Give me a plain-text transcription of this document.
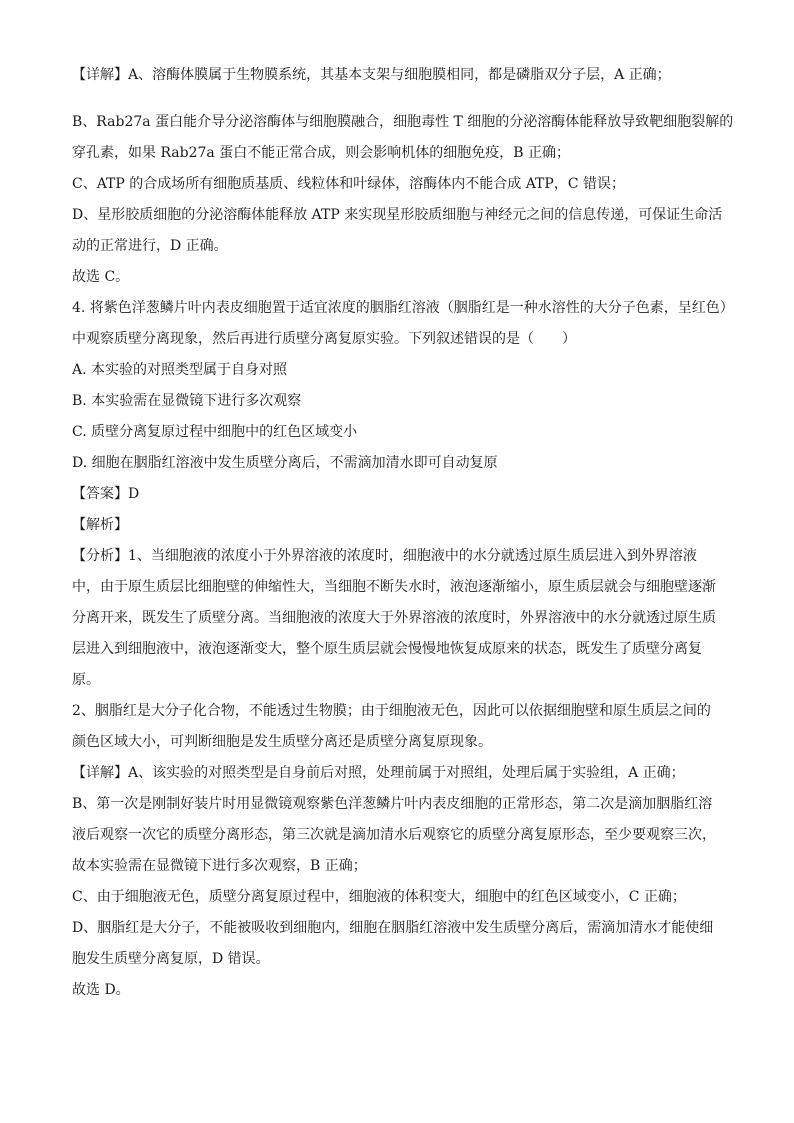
【详解】A、溶酶体膜属于生物膜系统，其基本支架与细胞膜相同，都是磷脂双分子层，A 正确；

B、Rab27a 蛋白能介导分泌溶酶体与细胞膜融合，细胞毒性 T 细胞的分泌溶酶体能释放导致靶细胞裂解的

穿孔素，如果 Rab27a 蛋白不能正常合成，则会影响机体的细胞免疫，B 正确；

C、ATP 的合成场所有细胞质基质、线粒体和叶绿体，溶酶体内不能合成 ATP，C 错误；

D、星形胶质细胞的分泌溶酶体能释放 ATP 来实现星形胶质细胞与神经元之间的信息传递，可保证生命活

动的正常进行，D 正确。

故选 C。

4. 将紫色洋葱鳞片叶内表皮细胞置于适宜浓度的胭脂红溶液（胭脂红是一种水溶性的大分子色素，呈红色）

中观察质壁分离现象，然后再进行质壁分离复原实验。下列叙述错误的是（　　）

A. 本实验的对照类型属于自身对照

B. 本实验需在显微镜下进行多次观察

C. 质壁分离复原过程中细胞中的红色区域变小

D. 细胞在胭脂红溶液中发生质壁分离后，不需滴加清水即可自动复原

【答案】D

【解析】

【分析】1、当细胞液的浓度小于外界溶液的浓度时，细胞液中的水分就透过原生质层进入到外界溶液

中，由于原生质层比细胞壁的伸缩性大，当细胞不断失水时，液泡逐渐缩小，原生质层就会与细胞壁逐渐

分离开来，既发生了质壁分离。当细胞液的浓度大于外界溶液的浓度时，外界溶液中的水分就透过原生质

层进入到细胞液中，液泡逐渐变大，整个原生质层就会慢慢地恢复成原来的状态，既发生了质壁分离复

原。

2、胭脂红是大分子化合物，不能透过生物膜；由于细胞液无色，因此可以依据细胞壁和原生质层之间的

颜色区域大小，可判断细胞是发生质壁分离还是质壁分离复原现象。

【详解】A、该实验的对照类型是自身前后对照，处理前属于对照组，处理后属于实验组，A 正确；

B、第一次是刚制好装片时用显微镜观察紫色洋葱鳞片叶内表皮细胞的正常形态，第二次是滴加胭脂红溶

液后观察一次它的质壁分离形态，第三次就是滴加清水后观察它的质壁分离复原形态，至少要观察三次，

故本实验需在显微镜下进行多次观察，B 正确；

C、由于细胞液无色，质壁分离复原过程中，细胞液的体积变大，细胞中的红色区域变小，C 正确；

D、胭脂红是大分子，不能被吸收到细胞内，细胞在胭脂红溶液中发生质壁分离后，需滴加清水才能使细

胞发生质壁分离复原，D 错误。

故选 D。
